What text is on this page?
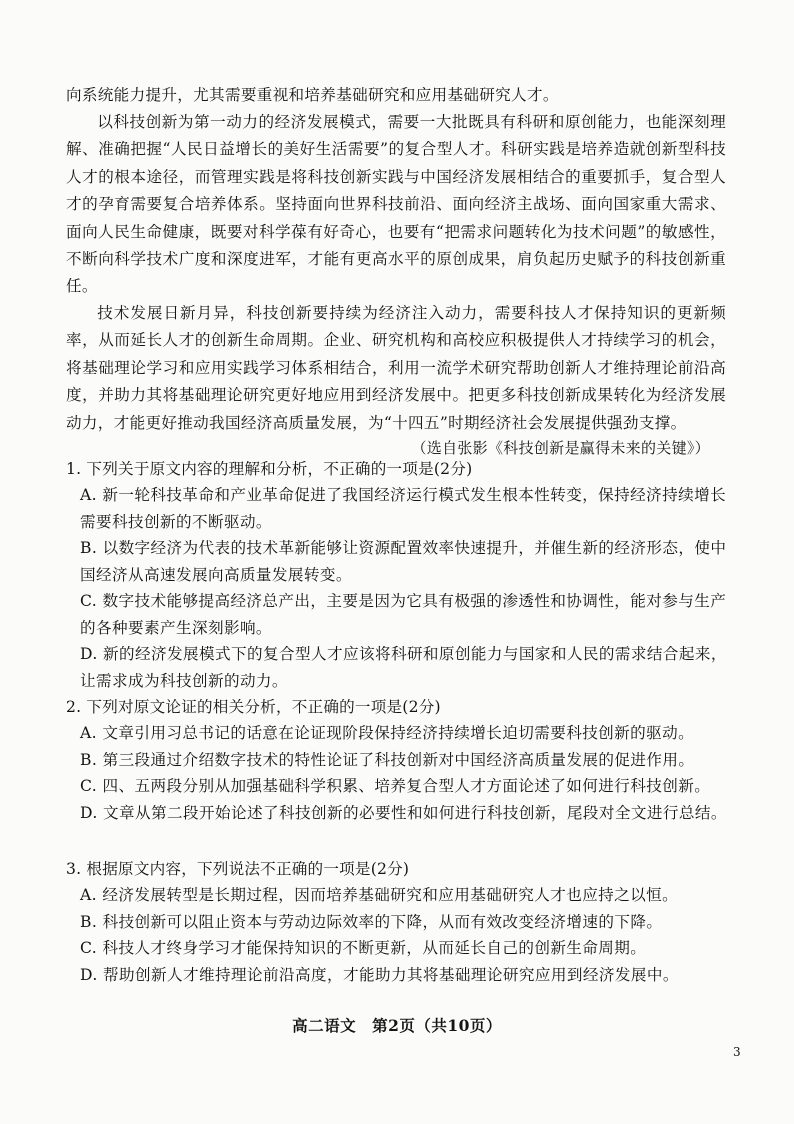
向系统能力提升，尤其需要重视和培养基础研究和应用基础研究人才。

以科技创新为第一动力的经济发展模式，需要一大批既具有科研和原创能力，也能深刻理解、准确把握“人民日益增长的美好生活需要”的复合型人才。科研实践是培养造就创新型科技人才的根本途径，而管理实践是将科技创新实践与中国经济发展相结合的重要抓手，复合型人才的孕育需要复合培养体系。坚持面向世界科技前沿、面向经济主战场、面向国家重大需求、面向人民生命健康，既要对科学葆有好奇心，也要有“把需求问题转化为技术问题”的敏感性，不断向科学技术广度和深度进军，才能有更高水平的原创成果，肩负起历史赋予的科技创新重任。

技术发展日新月异，科技创新要持续为经济注入动力，需要科技人才保持知识的更新频率，从而延长人才的创新生命周期。企业、研究机构和高校应积极提供人才持续学习的机会，将基础理论学习和应用实践学习体系相结合，利用一流学术研究帮助创新人才维持理论前沿高度，并助力其将基础理论研究更好地应用到经济发展中。把更多科技创新成果转化为经济发展动力，才能更好推动我国经济高质量发展，为“十四五”时期经济社会发展提供强劲支撑。

（选自张影《科技创新是赢得未来的关键》）

1. 下列关于原文内容的理解和分析，不正确的一项是(2分)

A. 新一轮科技革命和产业革命促进了我国经济运行模式发生根本性转变，保持经济持续增长需要科技创新的不断驱动。

B. 以数字经济为代表的技术革新能够让资源配置效率快速提升，并催生新的经济形态，使中国经济从高速发展向高质量发展转变。

C. 数字技术能够提高经济总产出，主要是因为它具有极强的渗透性和协调性，能对参与生产的各种要素产生深刻影响。

D. 新的经济发展模式下的复合型人才应该将科研和原创能力与国家和人民的需求结合起来，让需求成为科技创新的动力。

2. 下列对原文论证的相关分析，不正确的一项是(2分)

A. 文章引用习总书记的话意在论证现阶段保持经济持续增长迫切需要科技创新的驱动。

B. 第三段通过介绍数字技术的特性论证了科技创新对中国经济高质量发展的促进作用。

C. 四、五两段分别从加强基础科学积累、培养复合型人才方面论述了如何进行科技创新。

D. 文章从第二段开始论述了科技创新的必要性和如何进行科技创新，尾段对全文进行总结。

3. 根据原文内容，下列说法不正确的一项是(2分)

A. 经济发展转型是长期过程，因而培养基础研究和应用基础研究人才也应持之以恒。

B. 科技创新可以阻止资本与劳动边际效率的下降，从而有效改变经济增速的下降。

C. 科技人才终身学习才能保持知识的不断更新，从而延长自己的创新生命周期。

D. 帮助创新人才维持理论前沿高度，才能助力其将基础理论研究应用到经济发展中。

高二语文　第2页（共10页）

3
